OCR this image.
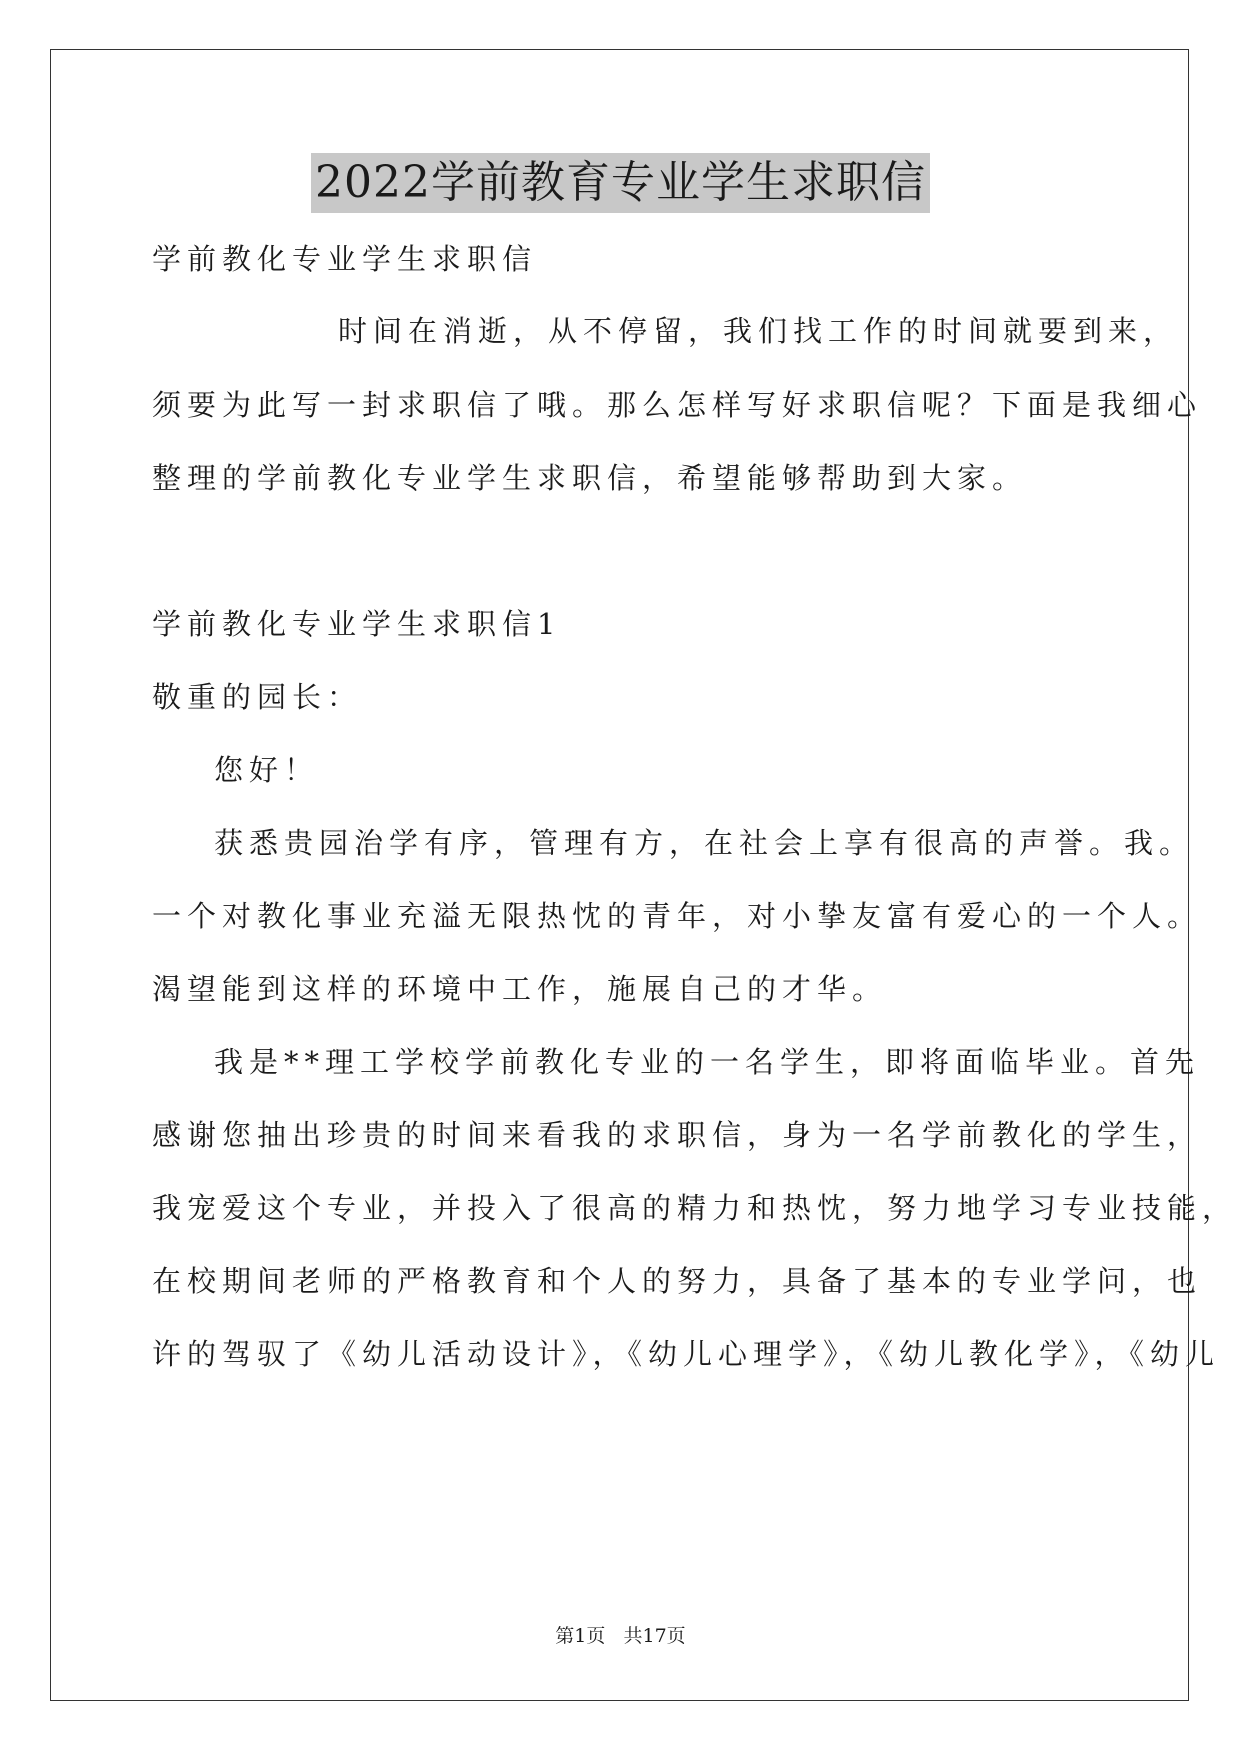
2022学前教育专业学生求职信

学前教化专业学生求职信

时间在消逝，从不停留，我们找工作的时间就要到来，

须要为此写一封求职信了哦。那么怎样写好求职信呢？下面是我细心

整理的学前教化专业学生求职信，希望能够帮助到大家。

学前教化专业学生求职信1

敬重的园长：

您好！

获悉贵园治学有序，管理有方，在社会上享有很高的声誉。我。

一个对教化事业充溢无限热忱的青年，对小挚友富有爱心的一个人。

渴望能到这样的环境中工作，施展自己的才华。

我是**理工学校学前教化专业的一名学生，即将面临毕业。首先

感谢您抽出珍贵的时间来看我的求职信，身为一名学前教化的学生，

我宠爱这个专业，并投入了很高的精力和热忱，努力地学习专业技能，

在校期间老师的严格教育和个人的努力，具备了基本的专业学问，也

许的驾驭了《幼儿活动设计》，《幼儿心理学》，《幼儿教化学》，《幼儿

第1页   共17页
